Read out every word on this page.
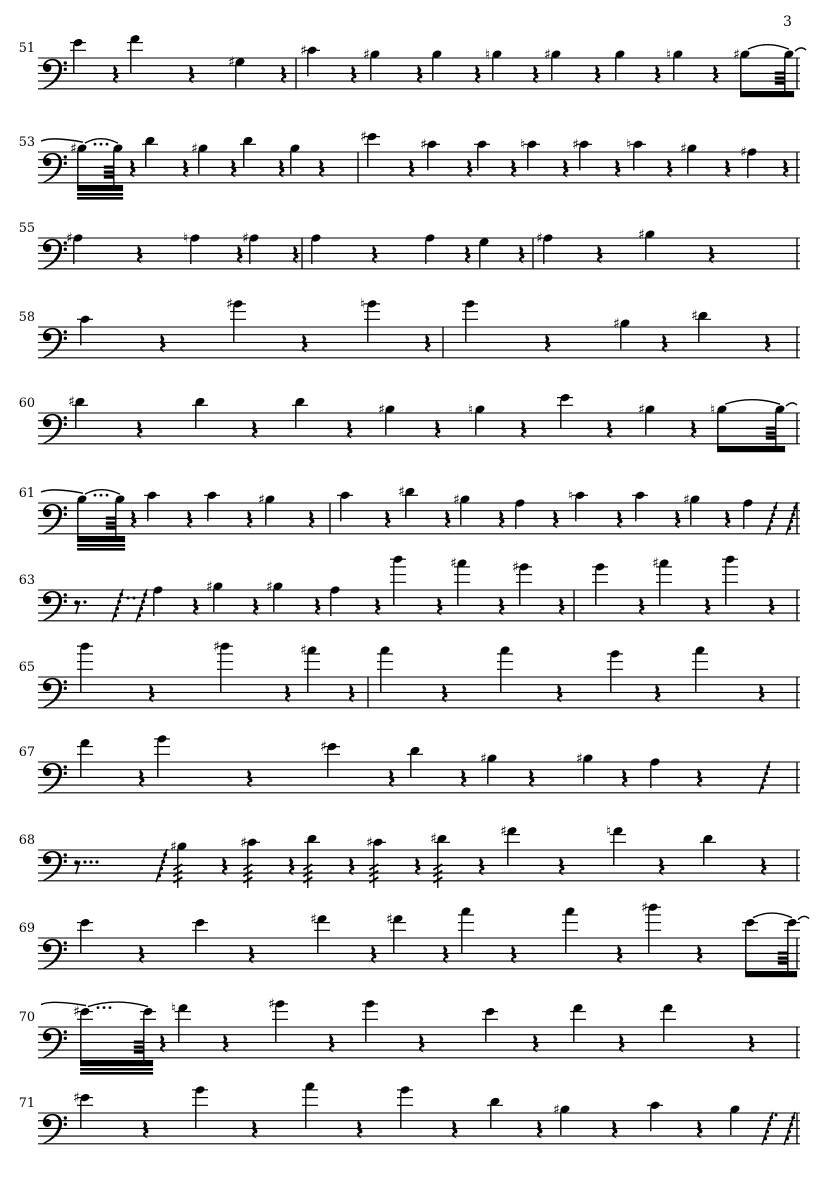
3
51
♯
♯	♯	♮	♯	♮	♯
53	♯	♯
♯	♯	♮	♯	♮	♯	♯
55
♯	♮	♯	♯	♯
58
♯	♮
♯	♯
60 ♯	♯	♮	♯	♮
61	♯	♯	♯	♮	♯
63	♯	♯
♯	♯	♯
65
♯	♯
67	♯
♯	♯
68	♯	♯	♯	♯	♯	♮
69
♯	♯
♯
70	♯	♮	♯
71	♯
♯
